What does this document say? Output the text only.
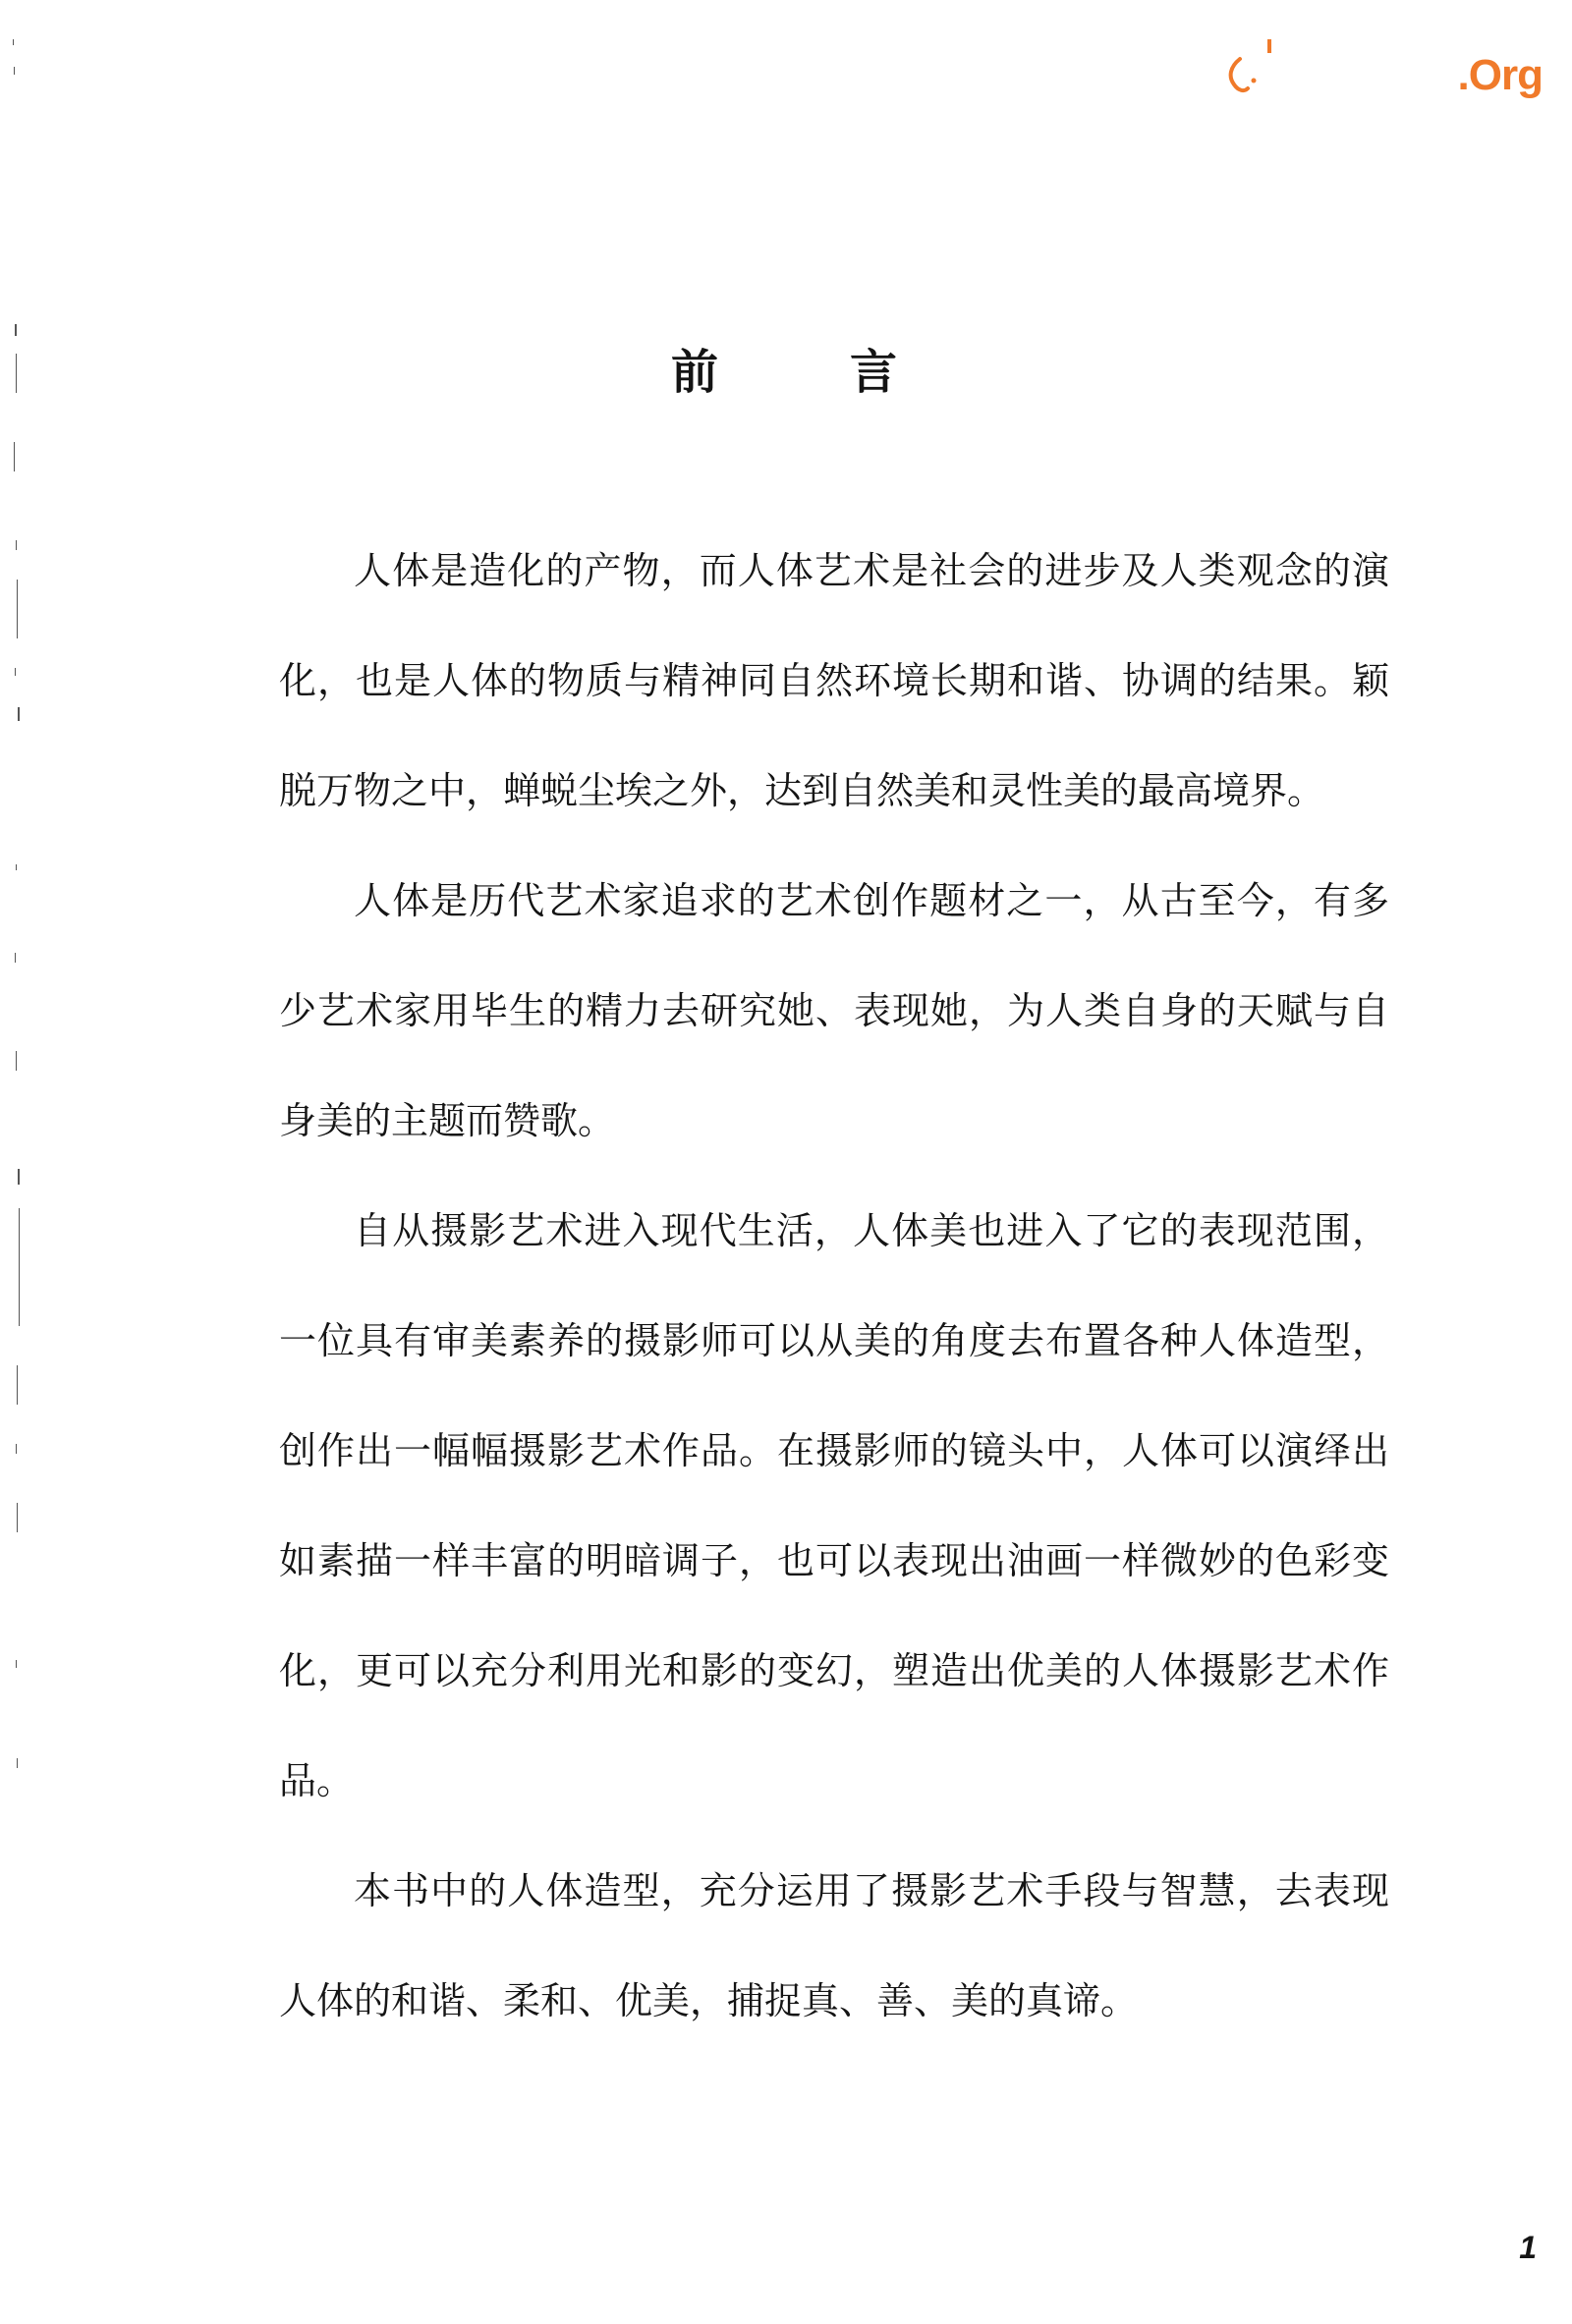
.Org
前	言

人体是造化的产物，而人体艺术是社会的进步及人类观念的演化，也是人体的物质与精神同自然环境长期和谐、协调的结果。颖脱万物之中，蝉蜕尘埃之外，达到自然美和灵性美的最高境界。

人体是历代艺术家追求的艺术创作题材之一，从古至今，有多少艺术家用毕生的精力去研究她、表现她，为人类自身的天赋与自身美的主题而赞歌。

自从摄影艺术进入现代生活，人体美也进入了它的表现范围，一位具有审美素养的摄影师可以从美的角度去布置各种人体造型，创作出一幅幅摄影艺术作品。在摄影师的镜头中，人体可以演绎出如素描一样丰富的明暗调子，也可以表现出油画一样微妙的色彩变化，更可以充分利用光和影的变幻，塑造出优美的人体摄影艺术作品。

本书中的人体造型，充分运用了摄影艺术手段与智慧，去表现人体的和谐、柔和、优美，捕捉真、善、美的真谛。

1
